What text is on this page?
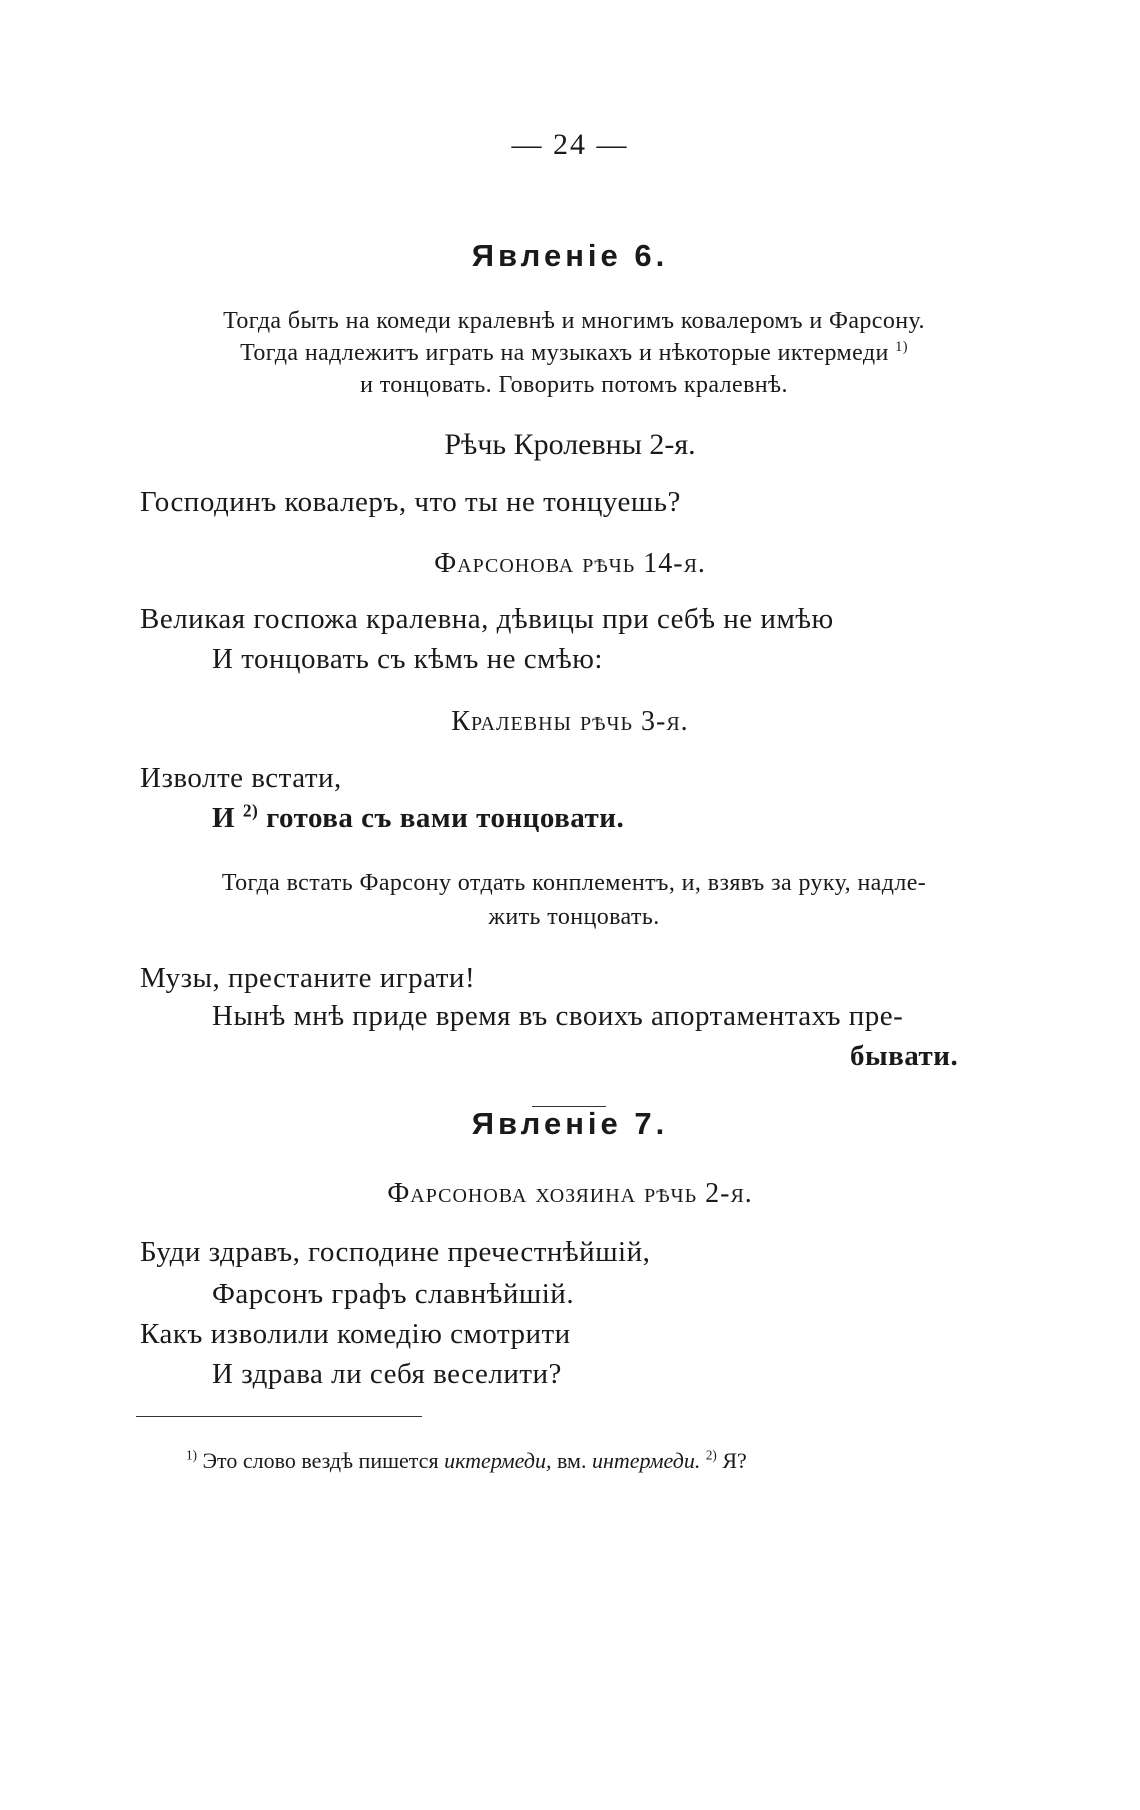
— 24 —
Явленіе 6.
Тогда быть на комеди кралевнѣ и многимъ ковалеромъ и Фарсону.
Тогда надлежитъ играть на музыкахъ и нѣкоторые иктермеди $^{1)}$
и тонцовать. Говорить потомъ кралевнѣ.
Рѣчь Кролевны 2-я.
Господинъ ковалеръ, что ты не тонцуешь?
Фарсонова рѣчь 14-я.
Великая госпожа кралевна, дѣвицы при себѣ не имѣю
И тонцовать съ кѣмъ не смѣю:
Кралевны рѣчь 3-я.
Изволте встати,
И $^{2)}$ готова съ вами тонцовати.
Тогда встать Фарсону отдать конплементъ, и, взявъ за руку, надле-
жить тонцовать.
Музы, престаните играти!
Нынѣ мнѣ приде время въ своихъ апортаментахъ пре-
бывати.
Явленіе 7.
Фарсонова хозяина рѣчь 2-я.
Буди здравъ, господине пречестнѣйшій,
Фарсонъ графъ славнѣйшій.
Какъ изволили комедію смотрити
И здрава ли себя веселити?
$^{1)}$ Это слово вездѣ пишется иктермеди, вм. интермеди. $^{2)}$ Я?
